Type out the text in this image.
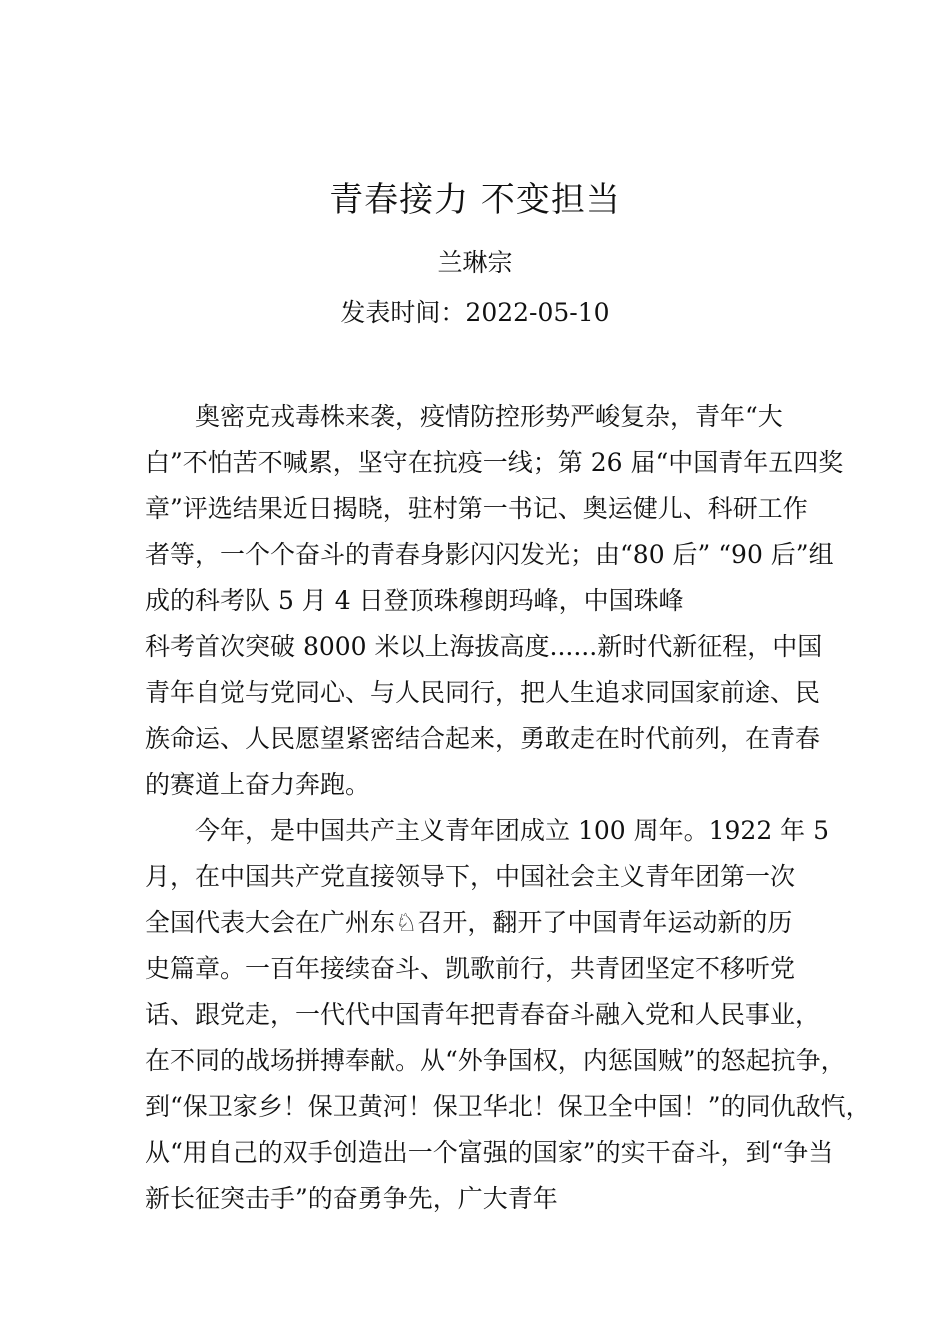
青春接力 不变担当
兰琳宗
发表时间：2022-05-10
奥密克戎毒株来袭，疫情防控形势严峻复杂，青年“大
白”不怕苦不喊累，坚守在抗疫一线；第 26 届“中国青年五四奖
章”评选结果近日揭晓，驻村第一书记、奥运健儿、科研工作
者等，一个个奋斗的青春身影闪闪发光；由“80 后” “90 后”组
成的科考队 5 月 4 日登顶珠穆朗玛峰，中国珠峰
科考首次突破 8000 米以上海拔高度......新时代新征程，中国
青年自觉与党同心、与人民同行，把人生追求同国家前途、民
族命运、人民愿望紧密结合起来，勇敢走在时代前列，在青春
的赛道上奋力奔跑。
今年，是中国共产主义青年团成立 100 周年。1922 年 5
月，在中国共产党直接领导下，中国社会主义青年团第一次
全国代表大会在广州东♘召开，翻开了中国青年运动新的历
史篇章。一百年接续奋斗、凯歌前行，共青团坚定不移听党
话、跟党走，一代代中国青年把青春奋斗融入党和人民事业，
在不同的战场拼搏奉献。从“外争国权，内惩国贼”的怒起抗争，
到“保卫家乡！保卫黄河！保卫华北！保卫全中国！”的同仇敌忾，
从“用自己的双手创造出一个富强的国家”的实干奋斗，到“争当
新长征突击手”的奋勇争先，广大青年
